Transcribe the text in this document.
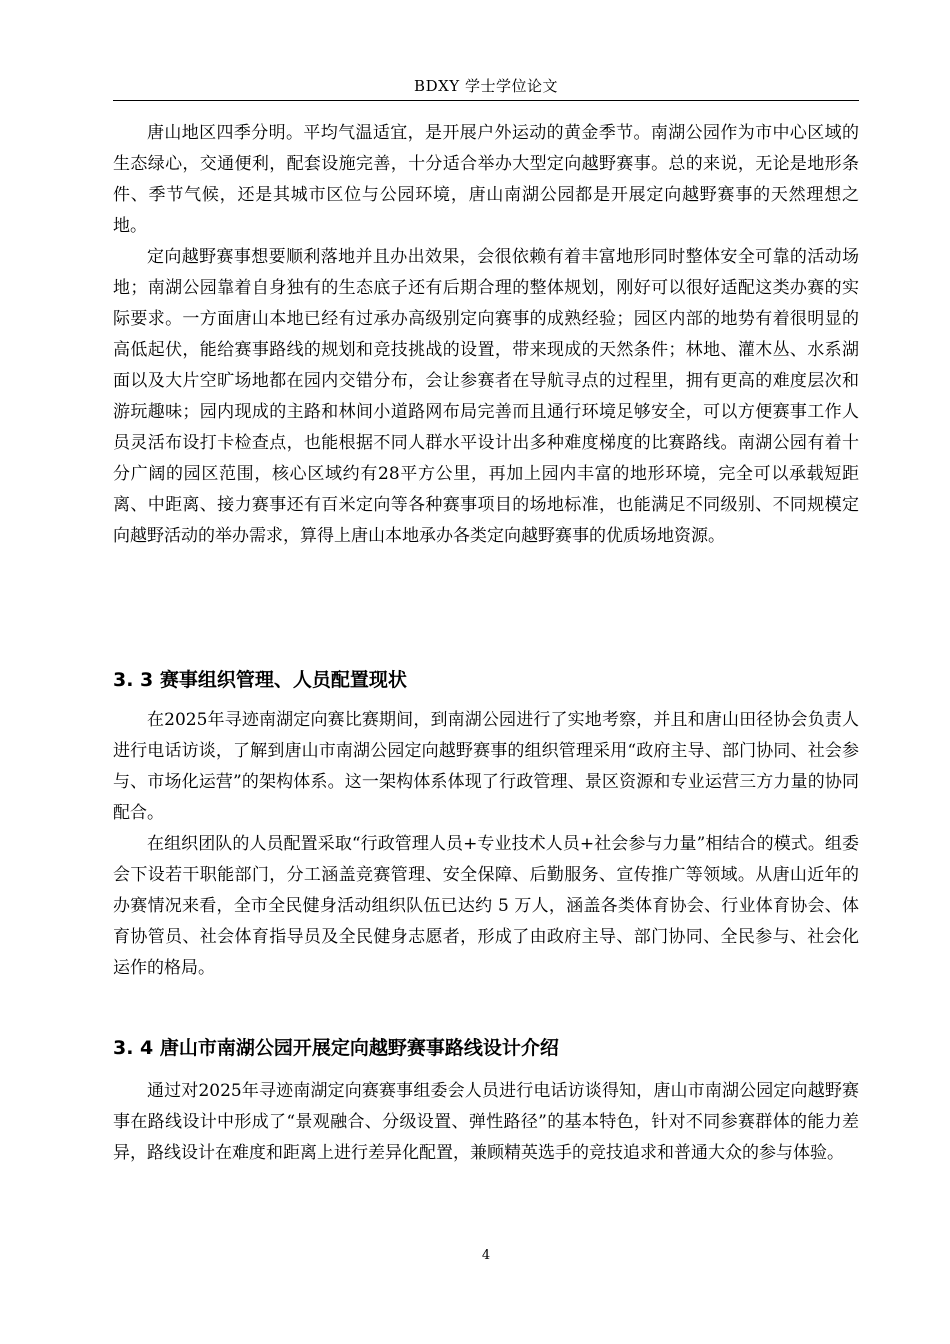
BDXY 学士学位论文

唐山地区四季分明。平均气温适宜，是开展户外运动的黄金季节。南湖公园作为市中心区域的生态绿心，交通便利，配套设施完善，十分适合举办大型定向越野赛事。总的来说，无论是地形条件、季节气候，还是其城市区位与公园环境，唐山南湖公园都是开展定向越野赛事的天然理想之地。

定向越野赛事想要顺利落地并且办出效果，会很依赖有着丰富地形同时整体安全可靠的活动场地；南湖公园靠着自身独有的生态底子还有后期合理的整体规划，刚好可以很好适配这类办赛的实际要求。一方面唐山本地已经有过承办高级别定向赛事的成熟经验；园区内部的地势有着很明显的高低起伏，能给赛事路线的规划和竞技挑战的设置，带来现成的天然条件；林地、灌木丛、水系湖面以及大片空旷场地都在园内交错分布，会让参赛者在导航寻点的过程里，拥有更高的难度层次和游玩趣味；园内现成的主路和林间小道路网布局完善而且通行环境足够安全，可以方便赛事工作人员灵活布设打卡检查点，也能根据不同人群水平设计出多种难度梯度的比赛路线。南湖公园有着十分广阔的园区范围，核心区域约有28平方公里，再加上园内丰富的地形环境，完全可以承载短距离、中距离、接力赛事还有百米定向等各种赛事项目的场地标准，也能满足不同级别、不同规模定向越野活动的举办需求，算得上唐山本地承办各类定向越野赛事的优质场地资源。

3. 3 赛事组织管理、人员配置现状

在2025年寻迹南湖定向赛比赛期间，到南湖公园进行了实地考察，并且和唐山田径协会负责人进行电话访谈，了解到唐山市南湖公园定向越野赛事的组织管理采用“政府主导、部门协同、社会参与、市场化运营”的架构体系。这一架构体系体现了行政管理、景区资源和专业运营三方力量的协同配合。

在组织团队的人员配置采取“行政管理人员+专业技术人员+社会参与力量”相结合的模式。组委会下设若干职能部门，分工涵盖竞赛管理、安全保障、后勤服务、宣传推广等领域。从唐山近年的办赛情况来看，全市全民健身活动组织队伍已达约 5 万人，涵盖各类体育协会、行业体育协会、体育协管员、社会体育指导员及全民健身志愿者，形成了由政府主导、部门协同、全民参与、社会化运作的格局。

3. 4 唐山市南湖公园开展定向越野赛事路线设计介绍

通过对2025年寻迹南湖定向赛赛事组委会人员进行电话访谈得知，唐山市南湖公园定向越野赛事在路线设计中形成了“景观融合、分级设置、弹性路径”的基本特色，针对不同参赛群体的能力差异，路线设计在难度和距离上进行差异化配置，兼顾精英选手的竞技追求和普通大众的参与体验。

4
